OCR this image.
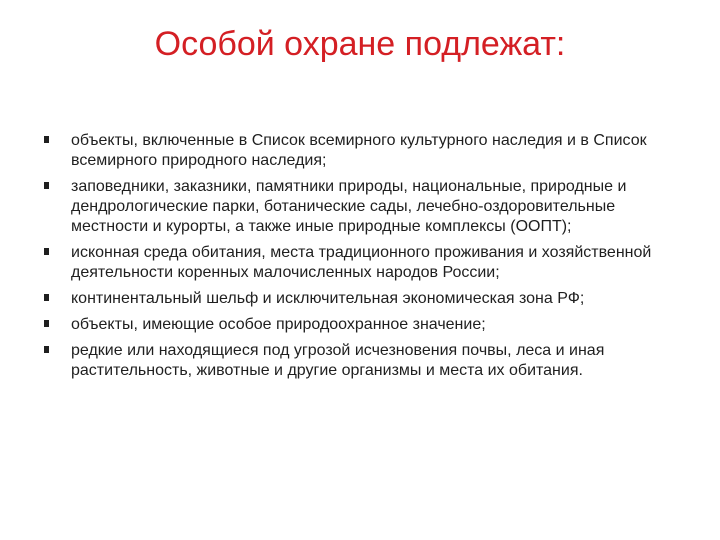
Особой охране подлежат:
объекты, включенные в Список всемирного культурного наследия и в Список всемирного природного наследия;
заповедники, заказники, памятники природы, национальные, природные и дендрологические парки, ботанические сады, лечебно-оздоровительные местности и курорты, а также иные природные комплексы (ООПТ);
исконная среда обитания, места традиционного проживания и хозяйственной деятельности коренных малочисленных народов России;
континентальный шельф и исключительная экономическая зона РФ;
объекты, имеющие особое природоохранное значение;
редкие или находящиеся под угрозой исчезновения почвы, леса и иная растительность, животные и другие организмы и места их обитания.
